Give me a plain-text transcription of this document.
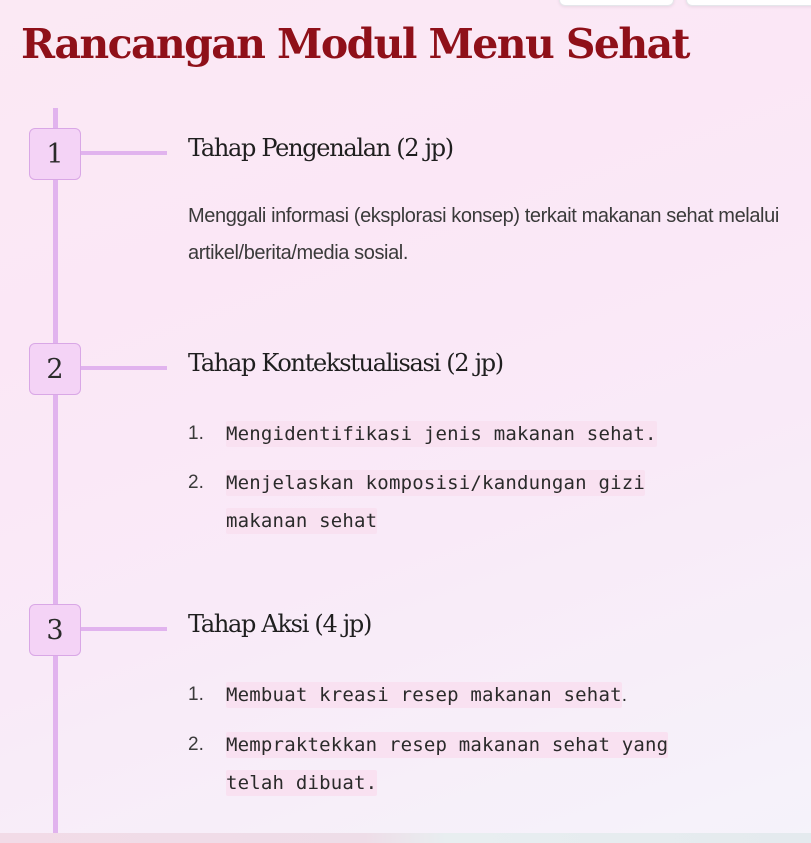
Rancangan Modul Menu Sehat
1	Tahap Pengenalan (2 jp)

Menggali informasi (eksplorasi konsep) terkait makanan sehat melalui artikel/berita/media sosial.

2	Tahap Kontekstualisasi (2 jp)
1.	Mengidentifikasi jenis makanan sehat.
2.	Menjelaskan komposisi/kandungan gizi
makanan sehat
3	Tahap Aksi (4 jp)
1.	Membuat kreasi resep makanan sehat.
2.	Mempraktekkan resep makanan sehat yang
telah dibuat.
